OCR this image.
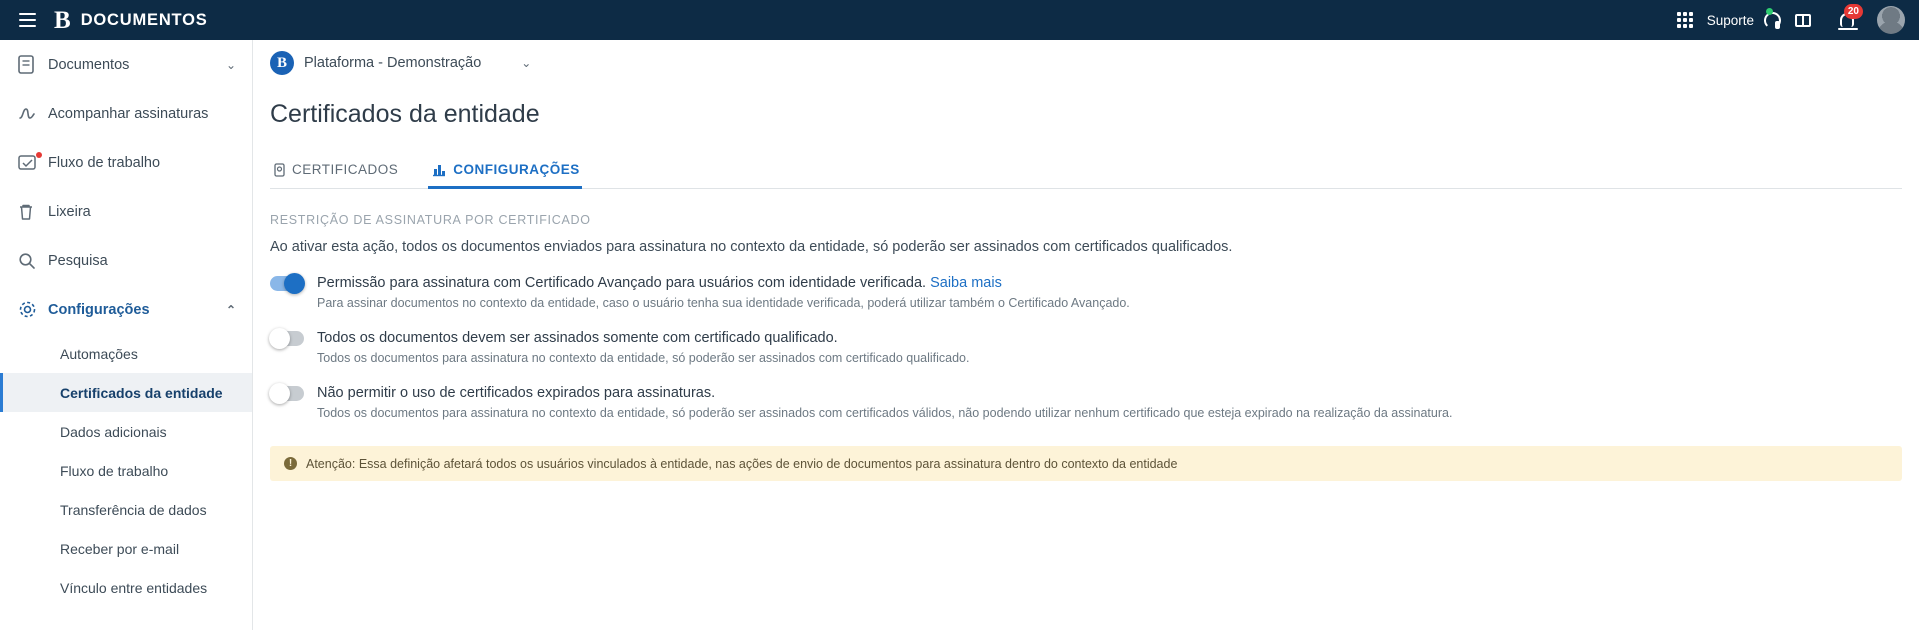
B DOCUMENTOS	Suporte
20
Documentos	⌄
Acompanhar assinaturas
Fluxo de trabalho
Lixeira
Pesquisa
Configurações	⌃
Automações
Certificados da entidade
Dados adicionais
Fluxo de trabalho
Transferência de dados
Receber por e-mail
Vínculo entre entidades
B	Plataforma - Demonstração	⌄
Certificados da entidade
CERTIFICADOS	CONFIGURAÇÕES
RESTRIÇÃO DE ASSINATURA POR CERTIFICADO
Ao ativar esta ação, todos os documentos enviados para assinatura no contexto da entidade, só poderão ser assinados com certificados qualificados.
Permissão para assinatura com Certificado Avançado para usuários com identidade verificada. Saiba mais
Para assinar documentos no contexto da entidade, caso o usuário tenha sua identidade verificada, poderá utilizar também o Certificado Avançado.
Todos os documentos devem ser assinados somente com certificado qualificado.
Todos os documentos para assinatura no contexto da entidade, só poderão ser assinados com certificado qualificado.
Não permitir o uso de certificados expirados para assinaturas.
Todos os documentos para assinatura no contexto da entidade, só poderão ser assinados com certificados válidos, não podendo utilizar nenhum certificado que esteja expirado na realização da assinatura.
!	Atenção: Essa definição afetará todos os usuários vinculados à entidade, nas ações de envio de documentos para assinatura dentro do contexto da entidade
